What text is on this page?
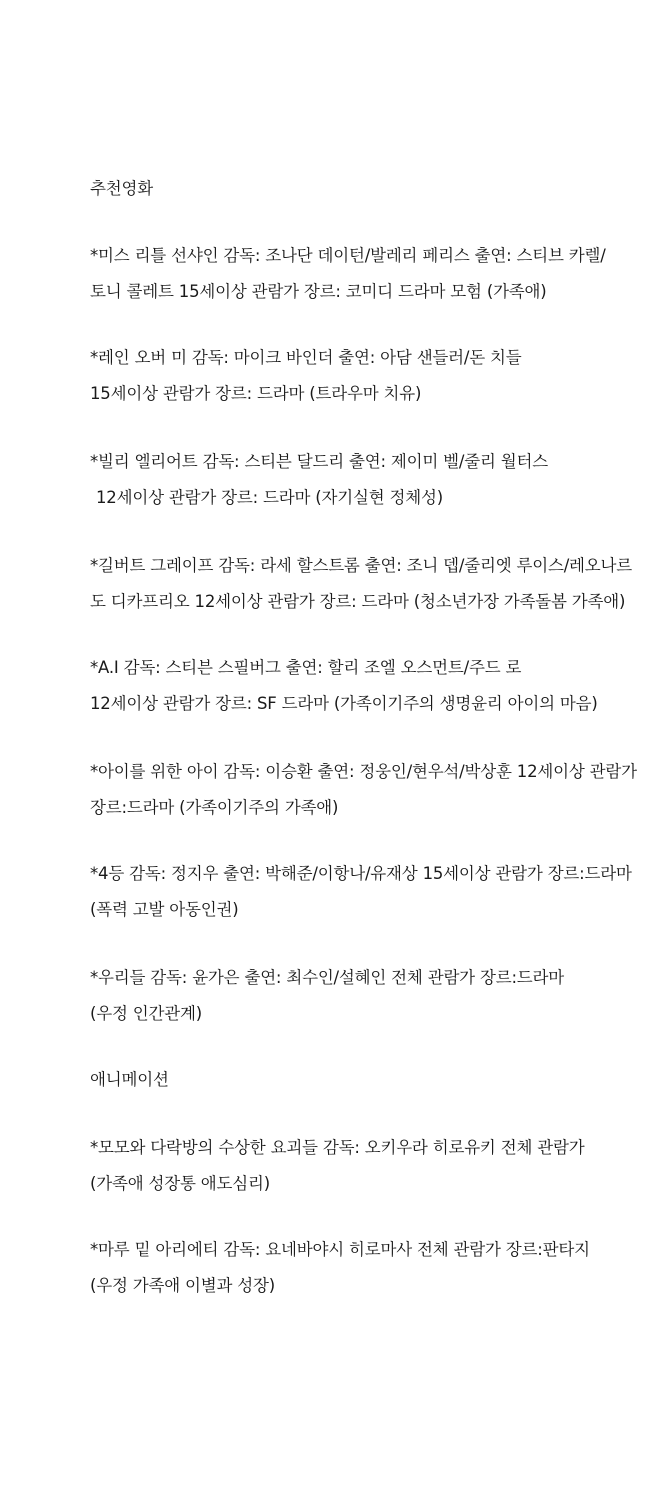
추천영화

*미스 리틀 선샤인 감독: 조나단 데이턴/발레리 페리스 출연: 스티브 카렐/

토니 콜레트 15세이상 관람가 장르: 코미디 드라마 모험 (가족애)

*레인 오버 미 감독: 마이크 바인더 출연: 아담 샌들러/돈 치들

15세이상 관람가 장르: 드라마 (트라우마 치유)

*빌리 엘리어트 감독: 스티븐 달드리 출연: 제이미 벨/줄리 월터스

12세이상 관람가 장르: 드라마 (자기실현 정체성)

*길버트 그레이프 감독: 라세 할스트롬 출연: 조니 뎁/줄리엣 루이스/레오나르

도 디카프리오 12세이상 관람가 장르: 드라마 (청소년가장 가족돌봄 가족애)

*A.I 감독: 스티븐 스필버그 출연: 할리 조엘 오스먼트/주드 로

12세이상 관람가 장르: SF 드라마 (가족이기주의 생명윤리 아이의 마음)

*아이를 위한 아이 감독: 이승환 출연: 정웅인/현우석/박상훈 12세이상 관람가

장르:드라마 (가족이기주의 가족애)

*4등 감독: 정지우 출연: 박해준/이항나/유재상 15세이상 관람가 장르:드라마

(폭력 고발 아동인권)

*우리들 감독: 윤가은 출연: 최수인/설혜인 전체 관람가 장르:드라마

(우정 인간관계)

애니메이션

*모모와 다락방의 수상한 요괴들 감독: 오키우라 히로유키 전체 관람가

(가족애 성장통 애도심리)

*마루 밑 아리에티 감독: 요네바야시 히로마사 전체 관람가 장르:판타지

(우정 가족애 이별과 성장)
